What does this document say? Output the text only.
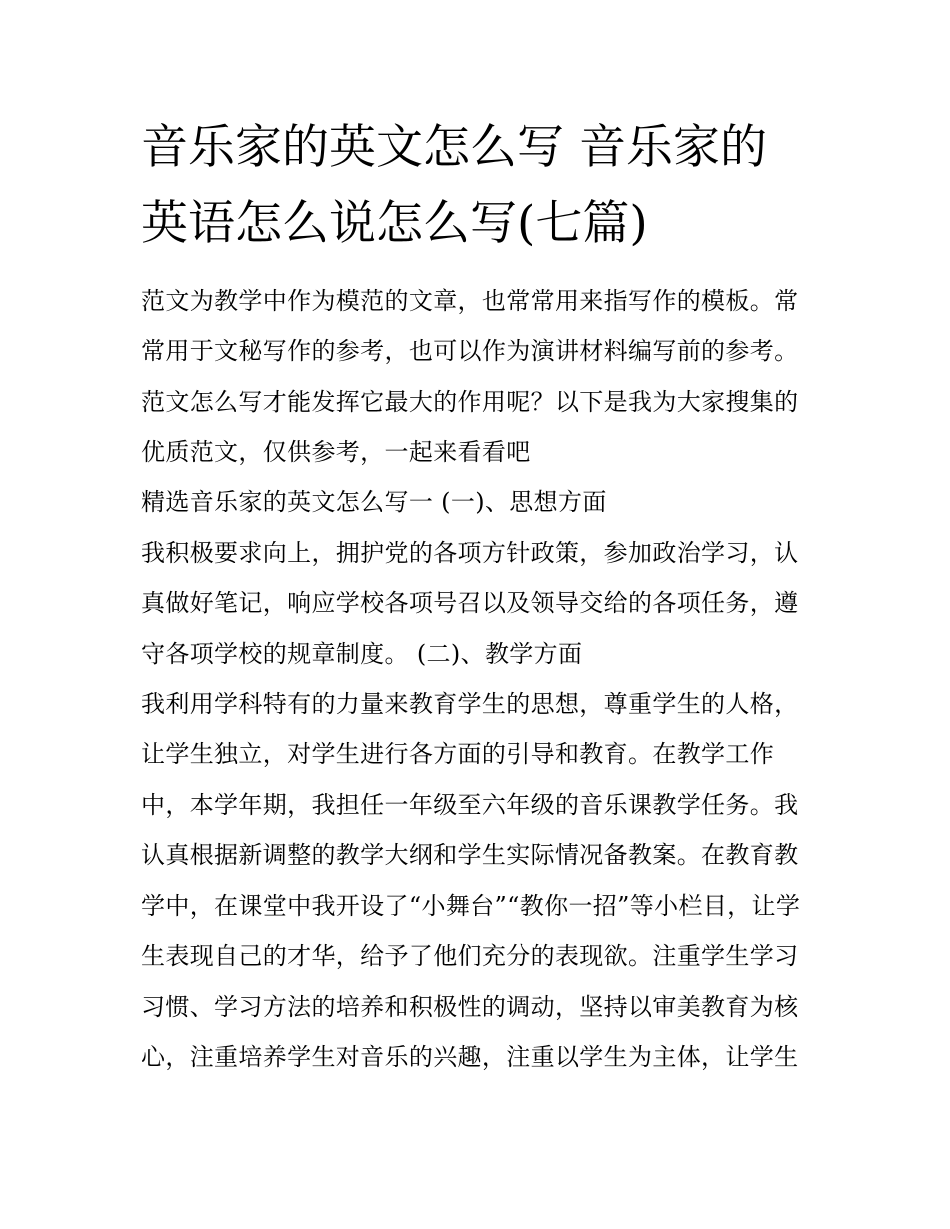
音乐家的英文怎么写 音乐家的
英语怎么说怎么写(七篇)
范文为教学中作为模范的文章，也常常用来指写作的模板。常
常用于文秘写作的参考，也可以作为演讲材料编写前的参考。
范文怎么写才能发挥它最大的作用呢？以下是我为大家搜集的
优质范文，仅供参考，一起来看看吧
精选音乐家的英文怎么写一 (一)、思想方面
我积极要求向上，拥护党的各项方针政策，参加政治学习，认
真做好笔记，响应学校各项号召以及领导交给的各项任务，遵
守各项学校的规章制度。 (二)、教学方面
我利用学科特有的力量来教育学生的思想，尊重学生的人格，
让学生独立，对学生进行各方面的引导和教育。在教学工作
中，本学年期，我担任一年级至六年级的音乐课教学任务。我
认真根据新调整的教学大纲和学生实际情况备教案。在教育教
学中，在课堂中我开设了“小舞台”“教你一招”等小栏目，让学
生表现自己的才华，给予了他们充分的表现欲。注重学生学习
习惯、学习方法的培养和积极性的调动，坚持以审美教育为核
心，注重培养学生对音乐的兴趣，注重以学生为主体，让学生
